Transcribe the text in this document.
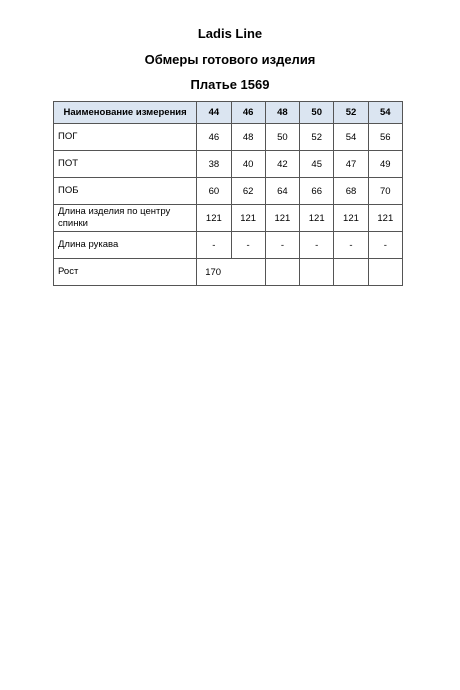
Ladis Line
Обмеры готового изделия
Платье 1569
Наименование измерения	44	46	48	50	52	54
ПОГ	46	48	50	52	54	56
ПОТ	38	40	42	45	47	49
ПОБ	60	62	64	66	68	70
Длина изделия по центру спинки	121	121	121	121	121	121
Длина рукава	-	-	-	-	-	-
Рост	170					
